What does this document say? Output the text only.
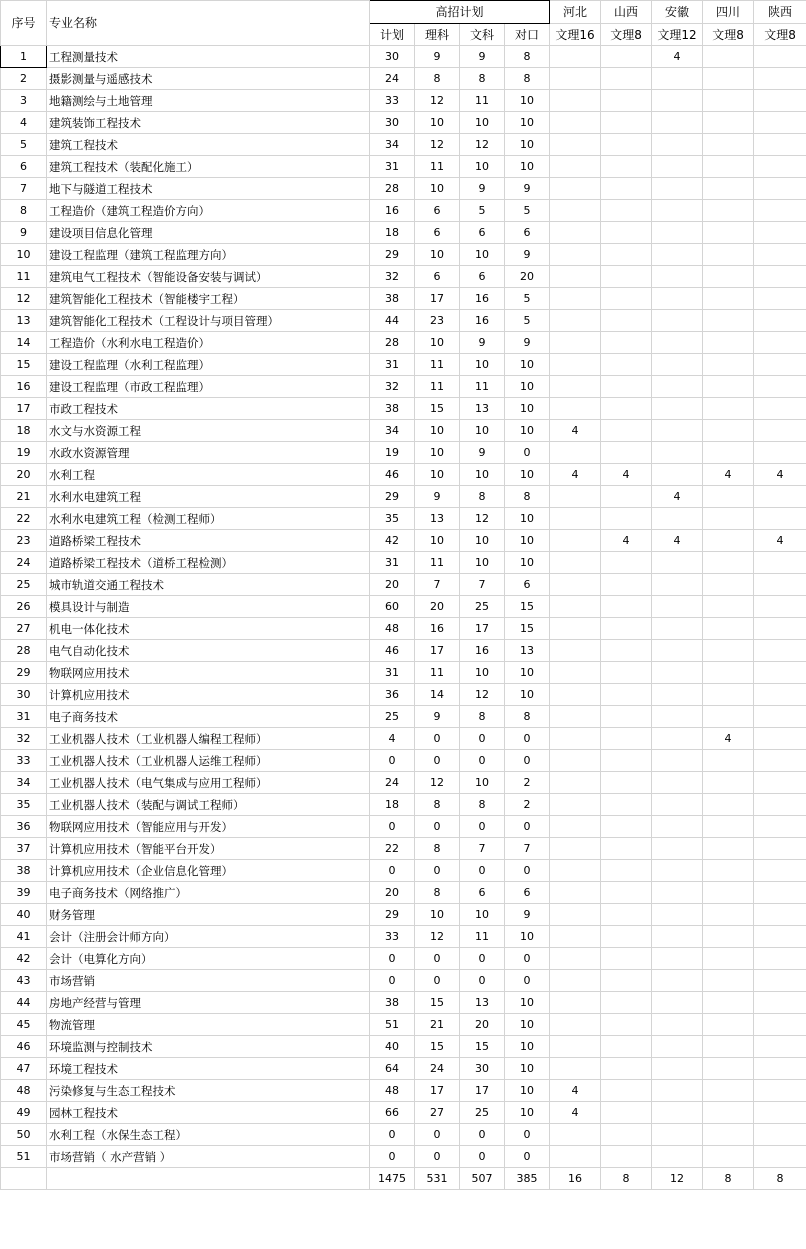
序号	专业名称	高招计划				河北	山西	安徽	四川	陕西
		计划	理科	文科	对口	文理16	文理8	文理12	文理8	文理8
1	工程测量技术	30	9	9	8			4		
2	摄影测量与遥感技术	24	8	8	8					
3	地籍测绘与土地管理	33	12	11	10					
4	建筑装饰工程技术	30	10	10	10					
5	建筑工程技术	34	12	12	10					
6	建筑工程技术（装配化施工）	31	11	10	10					
7	地下与隧道工程技术	28	10	9	9					
8	工程造价（建筑工程造价方向）	16	6	5	5					
9	建设项目信息化管理	18	6	6	6					
10	建设工程监理（建筑工程监理方向）	29	10	10	9					
11	建筑电气工程技术（智能设备安装与调试）	32	6	6	20					
12	建筑智能化工程技术（智能楼宇工程）	38	17	16	5					
13	建筑智能化工程技术（工程设计与项目管理）	44	23	16	5					
14	工程造价（水利水电工程造价）	28	10	9	9					
15	建设工程监理（水利工程监理）	31	11	10	10					
16	建设工程监理（市政工程监理）	32	11	11	10					
17	市政工程技术	38	15	13	10					
18	水文与水资源工程	34	10	10	10	4				
19	水政水资源管理	19	10	9	0					
20	水利工程	46	10	10	10	4	4		4	4
21	水利水电建筑工程	29	9	8	8			4		
22	水利水电建筑工程（检测工程师）	35	13	12	10					
23	道路桥梁工程技术	42	10	10	10		4	4		4
24	道路桥梁工程技术（道桥工程检测）	31	11	10	10					
25	城市轨道交通工程技术	20	7	7	6					
26	模具设计与制造	60	20	25	15					
27	机电一体化技术	48	16	17	15					
28	电气自动化技术	46	17	16	13					
29	物联网应用技术	31	11	10	10					
30	计算机应用技术	36	14	12	10					
31	电子商务技术	25	9	8	8					
32	工业机器人技术（工业机器人编程工程师）	4	0	0	0				4	
33	工业机器人技术（工业机器人运维工程师）	0	0	0	0					
34	工业机器人技术（电气集成与应用工程师）	24	12	10	2					
35	工业机器人技术（装配与调试工程师）	18	8	8	2					
36	物联网应用技术（智能应用与开发）	0	0	0	0					
37	计算机应用技术（智能平台开发）	22	8	7	7					
38	计算机应用技术（企业信息化管理）	0	0	0	0					
39	电子商务技术（网络推广）	20	8	6	6					
40	财务管理	29	10	10	9					
41	会计（注册会计师方向）	33	12	11	10					
42	会计（电算化方向）	0	0	0	0					
43	市场营销	0	0	0	0					
44	房地产经营与管理	38	15	13	10					
45	物流管理	51	21	20	10					
46	环境监测与控制技术	40	15	15	10					
47	环境工程技术	64	24	30	10					
48	污染修复与生态工程技术	48	17	17	10	4				
49	园林工程技术	66	27	25	10	4				
50	水利工程（水保生态工程）	0	0	0	0					
51	市场营销（ 水产营销 ）	0	0	0	0					
		1475	531	507	385	16	8	12	8	8
